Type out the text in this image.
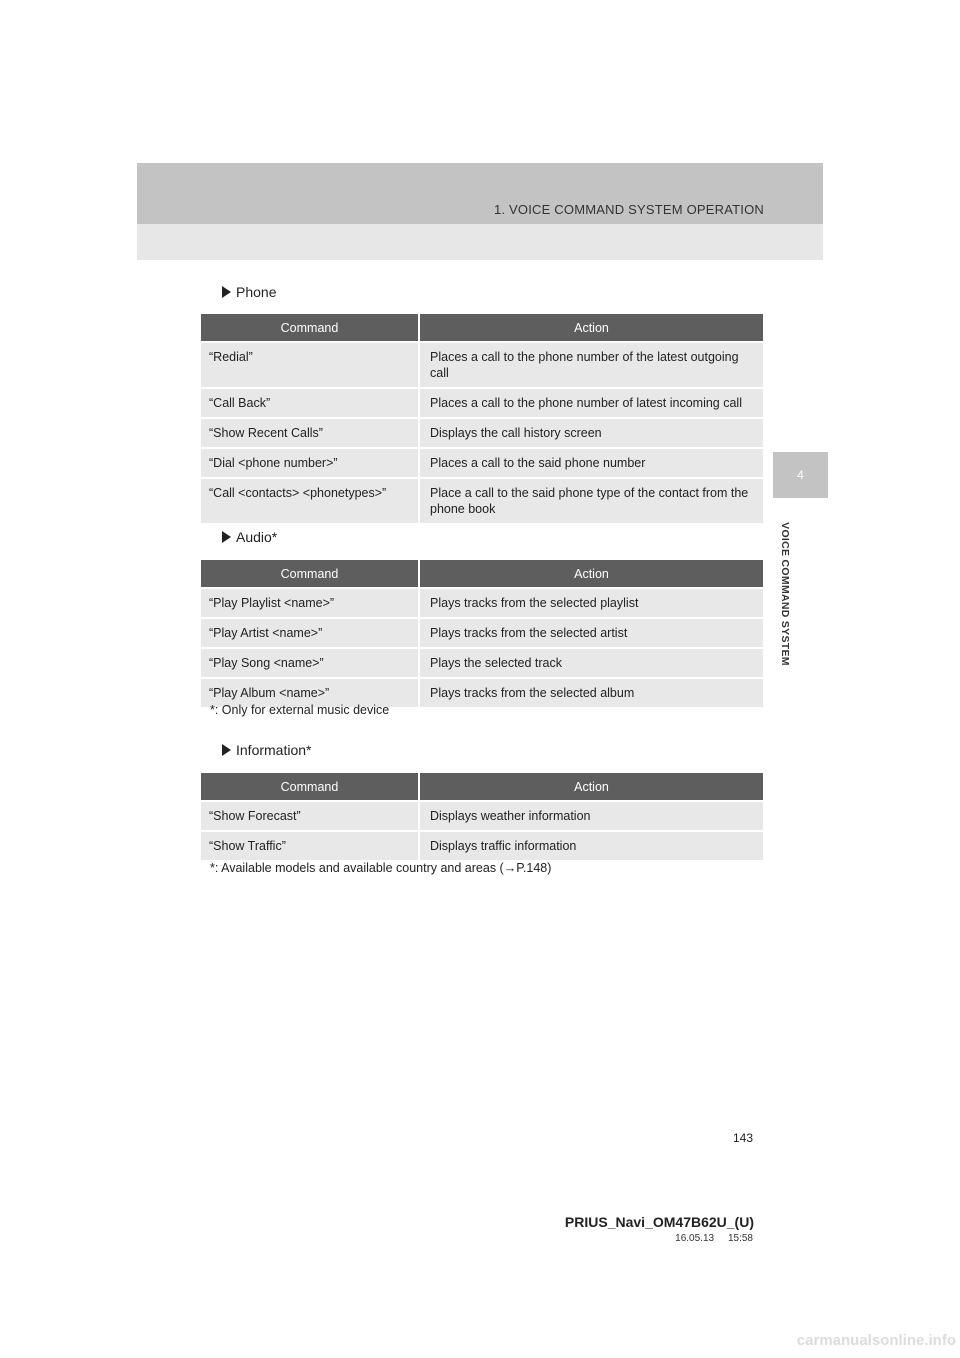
1. VOICE COMMAND SYSTEM OPERATION
4
VOICE COMMAND SYSTEM
Phone
Command	Action
“Redial”	Places a call to the phone number of the latest outgoing call
“Call Back”	Places a call to the phone number of latest incoming call
“Show Recent Calls”	Displays the call history screen
“Dial <phone number>”	Places a call to the said phone number
“Call <contacts> <phonetypes>”	Place a call to the said phone type of the contact from the phone book
Audio*
Command	Action
“Play Playlist <name>”	Plays tracks from the selected playlist
“Play Artist <name>”	Plays tracks from the selected artist
“Play Song <name>”	Plays the selected track
“Play Album <name>”	Plays tracks from the selected album
*: Only for external music device
Information*
Command	Action
“Show Forecast”	Displays weather information
“Show Traffic”	Displays traffic information
*: Available models and available country and areas (→P.148)
143
PRIUS_Navi_OM47B62U_(U)
16.05.13     15:58
carmanualsonline.info
